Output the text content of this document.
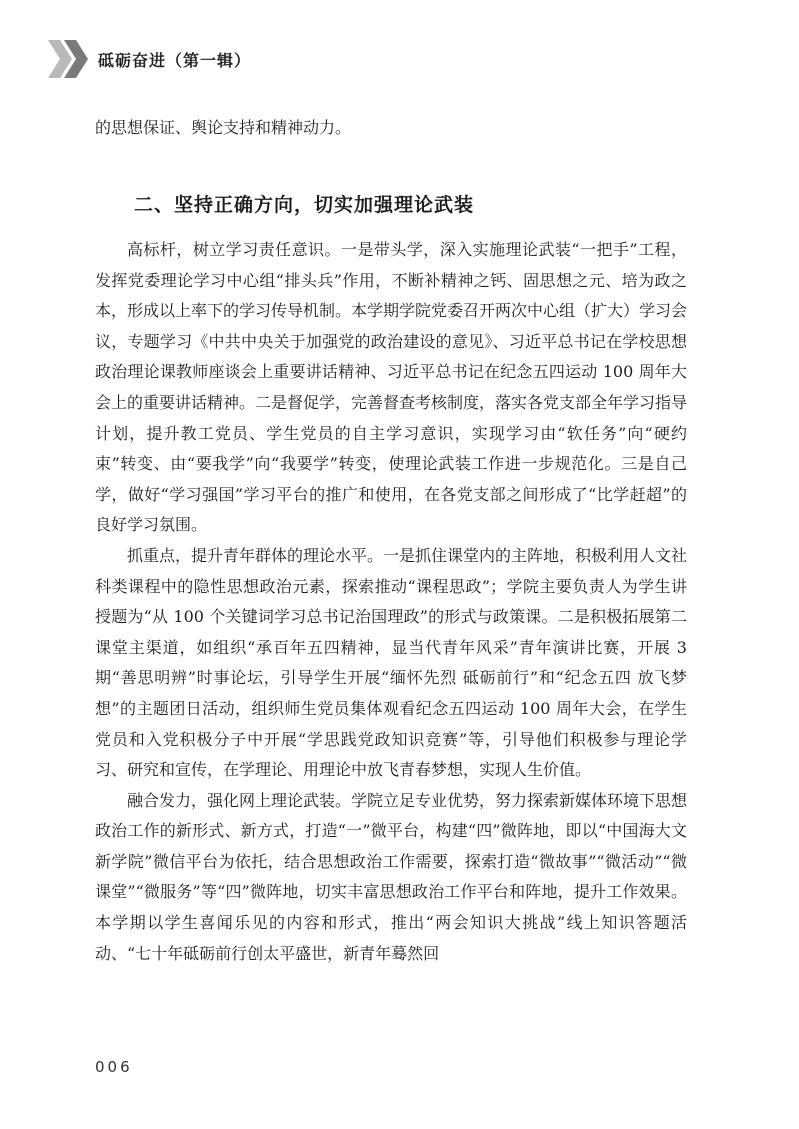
砥砺奋进（第一辑）
的思想保证、舆论支持和精神动力。
二、坚持正确方向，切实加强理论武装

高标杆，树立学习责任意识。一是带头学，深入实施理论武装“一把手”工程，发挥党委理论学习中心组“排头兵”作用，不断补精神之钙、固思想之元、培为政之本，形成以上率下的学习传导机制。本学期学院党委召开两次中心组（扩大）学习会议，专题学习《中共中央关于加强党的政治建设的意见》、习近平总书记在学校思想政治理论课教师座谈会上重要讲话精神、习近平总书记在纪念五四运动 100 周年大会上的重要讲话精神。二是督促学，完善督查考核制度，落实各党支部全年学习指导计划，提升教工党员、学生党员的自主学习意识，实现学习由“软任务”向“硬约束”转变、由“要我学”向“我要学”转变，使理论武装工作进一步规范化。三是自己学，做好“学习强国”学习平台的推广和使用，在各党支部之间形成了“比学赶超”的良好学习氛围。

抓重点，提升青年群体的理论水平。一是抓住课堂内的主阵地，积极利用人文社科类课程中的隐性思想政治元素，探索推动“课程思政”；学院主要负责人为学生讲授题为“从 100 个关键词学习总书记治国理政”的形式与政策课。二是积极拓展第二课堂主渠道，如组织“承百年五四精神，显当代青年风采”青年演讲比赛，开展 3 期“善思明辨”时事论坛，引导学生开展“缅怀先烈 砥砺前行”和“纪念五四 放飞梦想”的主题团日活动，组织师生党员集体观看纪念五四运动 100 周年大会，在学生党员和入党积极分子中开展“学思践党政知识竞赛”等，引导他们积极参与理论学习、研究和宣传，在学理论、用理论中放飞青春梦想，实现人生价值。

融合发力，强化网上理论武装。学院立足专业优势，努力探索新媒体环境下思想政治工作的新形式、新方式，打造“一”微平台，构建“四”微阵地，即以“中国海大文新学院”微信平台为依托，结合思想政治工作需要，探索打造“微故事”“微活动”“微课堂”“微服务”等“四”微阵地，切实丰富思想政治工作平台和阵地，提升工作效果。本学期以学生喜闻乐见的内容和形式，推出“两会知识大挑战”线上知识答题活动、“七十年砥砺前行创太平盛世，新青年蓦然回

006
